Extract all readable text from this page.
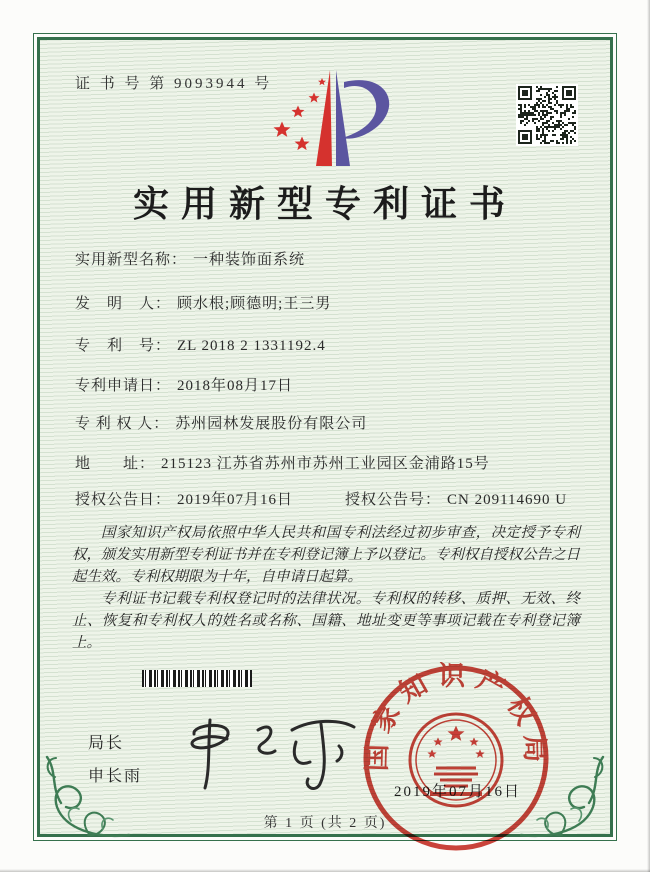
证 书 号 第 9093944 号
实用新型专利证书
实用新型名称： 一种装饰面系统
发　明　人： 顾水根;顾德明;王三男
专　利　号： ZL 2018 2 1331192.4
专利申请日： 2018年08月17日
专 利 权 人： 苏州园林发展股份有限公司
地　　址： 215123 江苏省苏州市苏州工业园区金浦路15号
授权公告日： 2019年07月16日	授权公告号： CN 209114690 U

国家知识产权局依照中华人民共和国专利法经过初步审查，决定授予专利权，颁发实用新型专利证书并在专利登记簿上予以登记。专利权自授权公告之日起生效。专利权期限为十年，自申请日起算。

专利证书记载专利权登记时的法律状况。专利权的转移、质押、无效、终止、恢复和专利权人的姓名或名称、国籍、地址变更等事项记载在专利登记簿上。

局长
申长雨
国家知识产权局
2019年07月16日
第 1 页 (共 2 页)
